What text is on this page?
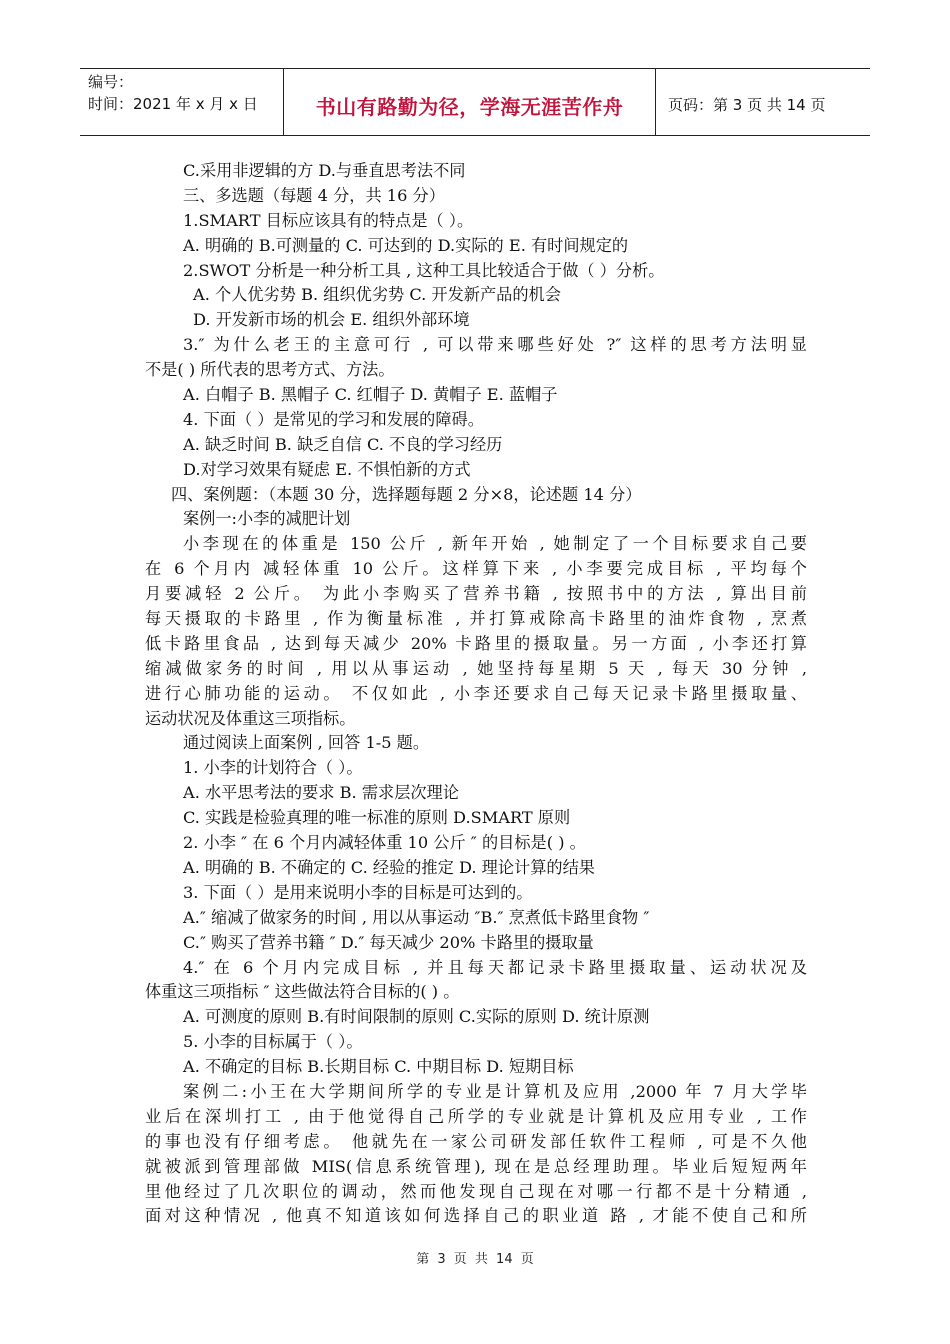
编号：
时间：2021 年 x 月 x 日	书山有路勤为径，学海无涯苦作舟	页码：第 3 页 共 14 页
C.采用非逻辑的方 D.与垂直思考法不同
三、多选题（每题 4 分，共 16 分）
1.SMART 目标应该具有的特点是（ ）。
A. 明确的 B.可测量的 C. 可达到的 D.实际的 E. 有时间规定的
2.SWOT 分析是一种分析工具 , 这种工具比较适合于做（ ）分析。
A. 个人优劣势 B. 组织优劣势 C. 开发新产品的机会
D. 开发新市场的机会 E. 组织外部环境
3.″ 为什么老王的主意可行 , 可以带来哪些好处 ?″ 这样的思考方法明显
不是( ) 所代表的思考方式、方法。
A. 白帽子 B. 黑帽子 C. 红帽子 D. 黄帽子 E. 蓝帽子
4. 下面（ ）是常见的学习和发展的障碍。
A. 缺乏时间 B. 缺乏自信 C. 不良的学习经历
D.对学习效果有疑虑 E. 不惧怕新的方式
四、案例题：（本题 30 分，选择题每题 2 分×8，论述题 14 分）
案例一:小李的减肥计划
小李现在的体重是 150 公斤 , 新年开始 , 她制定了一个目标要求自己要
在 6 个月内 减轻体重 10 公斤。这样算下来 , 小李要完成目标 , 平均每个
月要减轻 2 公斤。 为此小李购买了营养书籍 , 按照书中的方法 , 算出目前
每天摄取的卡路里 , 作为衡量标准 , 并打算戒除高卡路里的油炸食物 , 烹煮
低卡路里食品 , 达到每天减少 20% 卡路里的摄取量。另一方面 , 小李还打算
缩减做家务的时间 , 用以从事运动 , 她坚持每星期 5 天 , 每天 30 分钟 ,
进行心肺功能的运动。 不仅如此 , 小李还要求自己每天记录卡路里摄取量、
运动状况及体重这三项指标。
通过阅读上面案例 , 回答 1-5 题。
1. 小李的计划符合（ ）。
A. 水平思考法的要求 B. 需求层次理论
C. 实践是检验真理的唯一标准的原则 D.SMART 原则
2. 小李 ″ 在 6 个月内减轻体重 10 公斤 ″ 的目标是( ) 。
A. 明确的 B. 不确定的 C. 经验的推定 D. 理论计算的结果
3. 下面（ ）是用来说明小李的目标是可达到的。
A.″ 缩减了做家务的时间 , 用以从事运动 ″B.″ 烹煮低卡路里食物 ″
C.″ 购买了营养书籍 ″ D.″ 每天减少 20% 卡路里的摄取量
4.″ 在 6 个月内完成目标 , 并且每天都记录卡路里摄取量、运动状况及
体重这三项指标 ″ 这些做法符合目标的( ) 。
A. 可测度的原则 B.有时间限制的原则 C.实际的原则 D. 统计原测
5. 小李的目标属于（ ）。
A. 不确定的目标 B.长期目标 C. 中期目标 D. 短期目标
案例二:小王在大学期间所学的专业是计算机及应用 ,2000 年 7 月大学毕
业后在深圳打工 , 由于他觉得自己所学的专业就是计算机及应用专业 , 工作
的事也没有仔细考虑。 他就先在一家公司研发部任软件工程师 , 可是不久他
就被派到管理部做 MIS(信息系统管理), 现在是总经理助理。毕业后短短两年
里他经过了几次职位的调动，然而他发现自己现在对哪一行都不是十分精通 ,
面对这种情况 , 他真不知道该如何选择自己的职业道 路 , 才能不使自己和所
第 3 页 共 14 页
